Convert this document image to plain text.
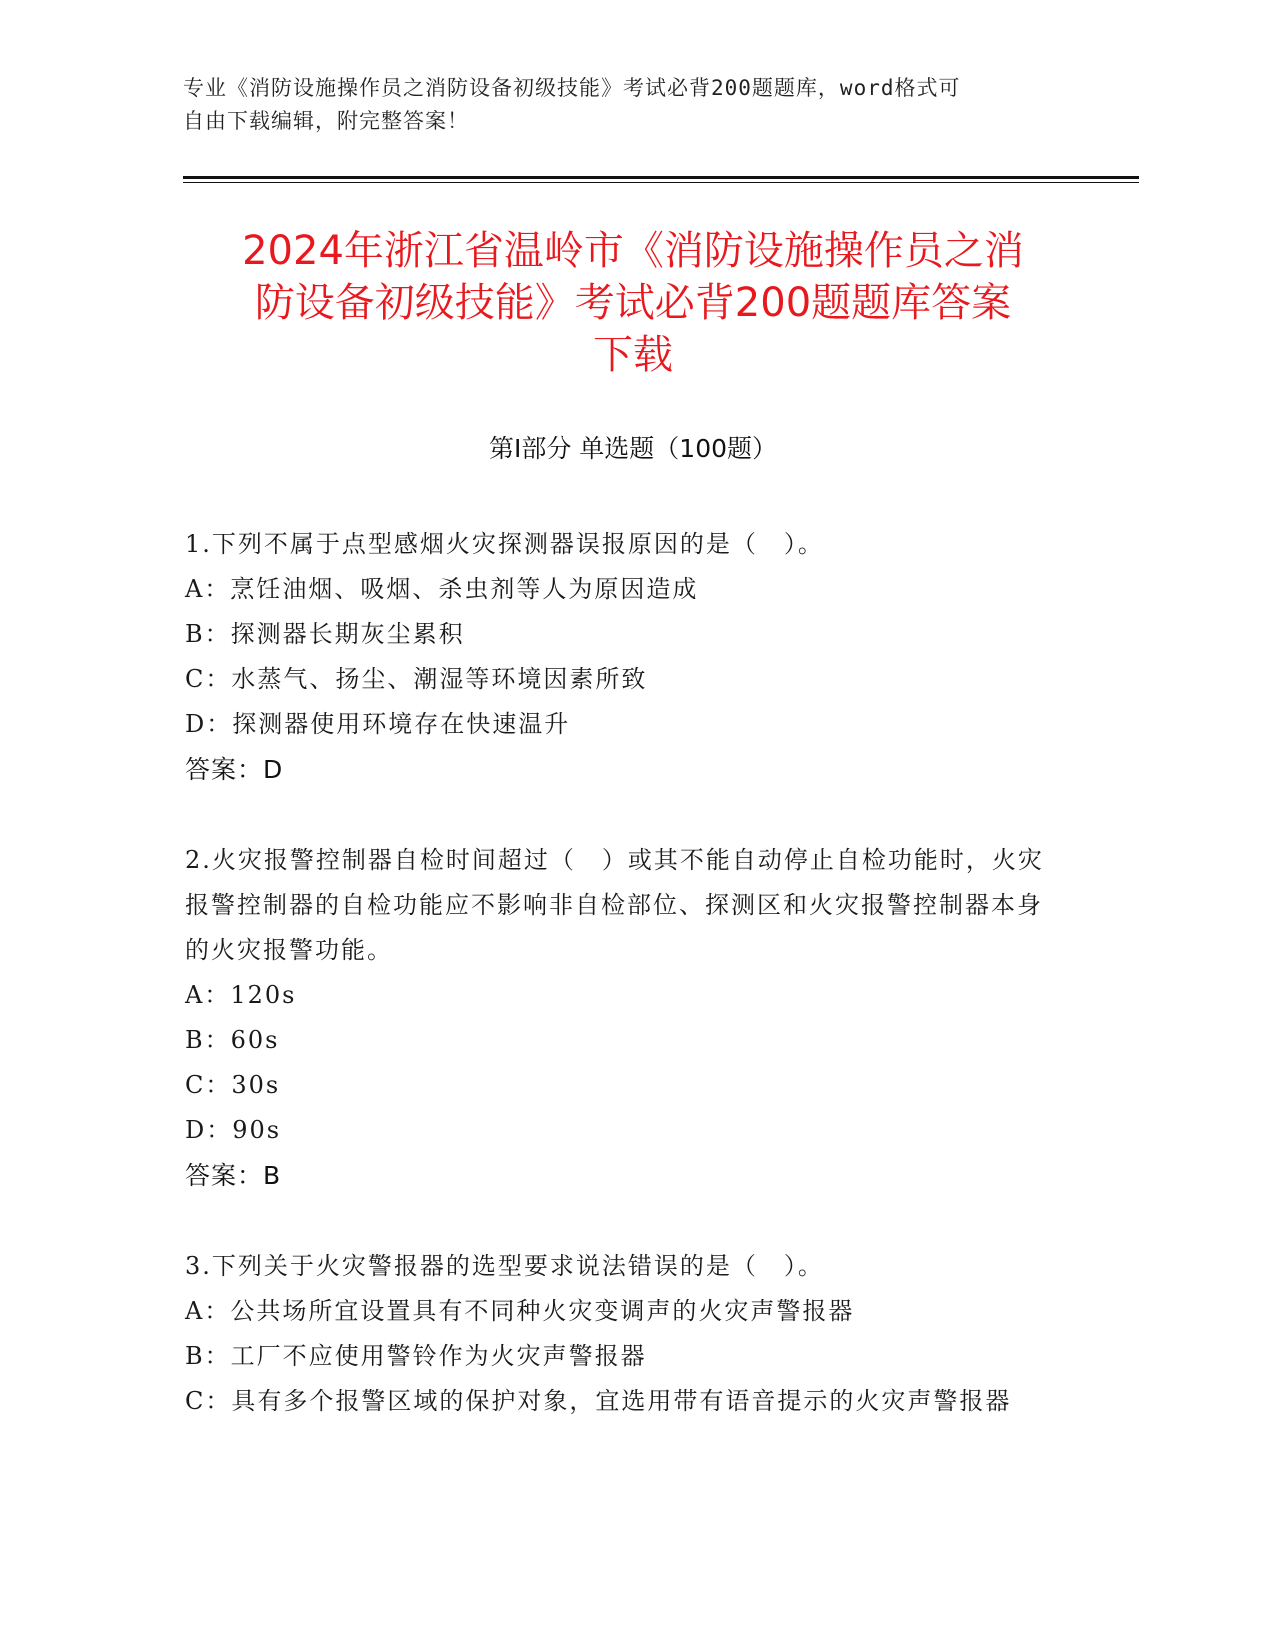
专业《消防设施操作员之消防设备初级技能》考试必背200题题库，word格式可
自由下载编辑，附完整答案！
2024年浙江省温岭市《消防设施操作员之消
防设备初级技能》考试必背200题题库答案
下载
第Ⅰ部分 单选题（100题）
1.下列不属于点型感烟火灾探测器误报原因的是（　）。
A：烹饪油烟、吸烟、杀虫剂等人为原因造成
B：探测器长期灰尘累积
C：水蒸气、扬尘、潮湿等环境因素所致
D：探测器使用环境存在快速温升
答案：D
2.火灾报警控制器自检时间超过（　）或其不能自动停止自检功能时，火灾报警控制器的自检功能应不影响非自检部位、探测区和火灾报警控制器本身的火灾报警功能。
A：120s
B：60s
C：30s
D：90s
答案：B
3.下列关于火灾警报器的选型要求说法错误的是（　）。
A：公共场所宜设置具有不同种火灾变调声的火灾声警报器
B：工厂不应使用警铃作为火灾声警报器
C：具有多个报警区域的保护对象，宜选用带有语音提示的火灾声警报器
